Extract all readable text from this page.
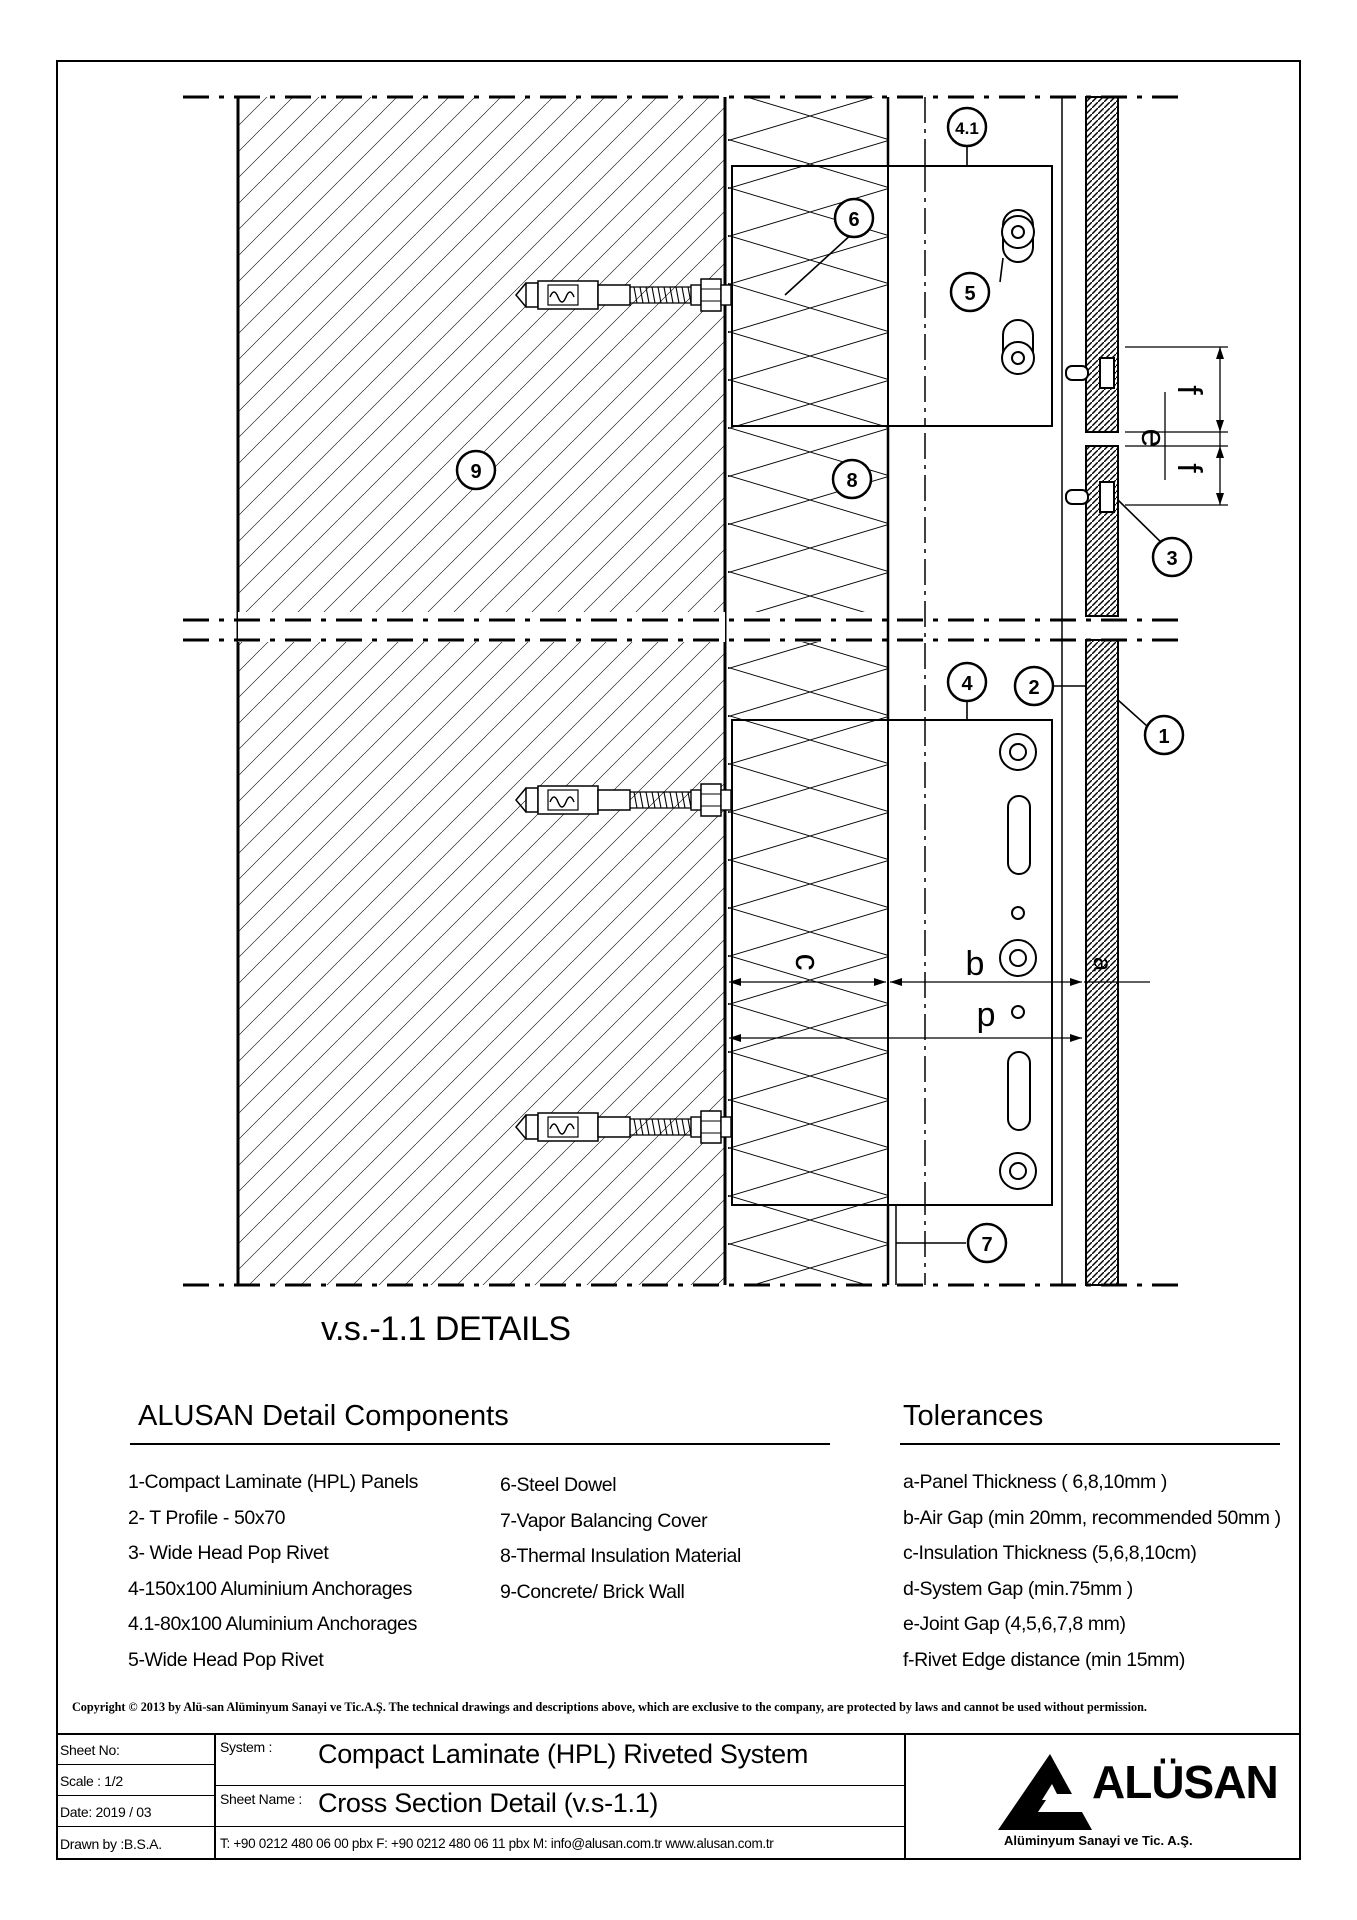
c	b	a
d
f
e
f
4.1
6
5
9	8
3
4	2
1
7
v.s.-1.1 DETAILS
ALUSAN Detail Components	Tolerances
1-Compact Laminate (HPL) Panels
2- T Profile - 50x70
3- Wide Head Pop Rivet
4-150x100 Aluminium Anchorages
4.1-80x100 Aluminium Anchorages
5-Wide Head Pop Rivet
6-Steel Dowel
7-Vapor Balancing Cover
8-Thermal Insulation Material
9-Concrete/ Brick Wall
a-Panel Thickness ( 6,8,10mm )
b-Air Gap (min 20mm, recommended 50mm )
c-Insulation Thickness (5,6,8,10cm)
d-System Gap (min.75mm )
e-Joint Gap (4,5,6,7,8 mm)
f-Rivet Edge distance (min 15mm)
Copyright © 2013 by Alü-san Alüminyum Sanayi ve Tic.A.Ş. The technical drawings and descriptions above, which are exclusive to the company, are protected by laws and cannot be used without permission.
Sheet No:
Scale : 1/2
Date: 2019 / 03
Drawn by :B.S.A.
System : Compact Laminate (HPL) Riveted System
Sheet Name : Cross Section Detail (v.s-1.1)
T: +90 0212 480 06 00 pbx F: +90 0212 480 06 11 pbx M: info@alusan.com.tr www.alusan.com.tr
ALÜSAN
Alüminyum Sanayi ve Tic. A.Ş.
